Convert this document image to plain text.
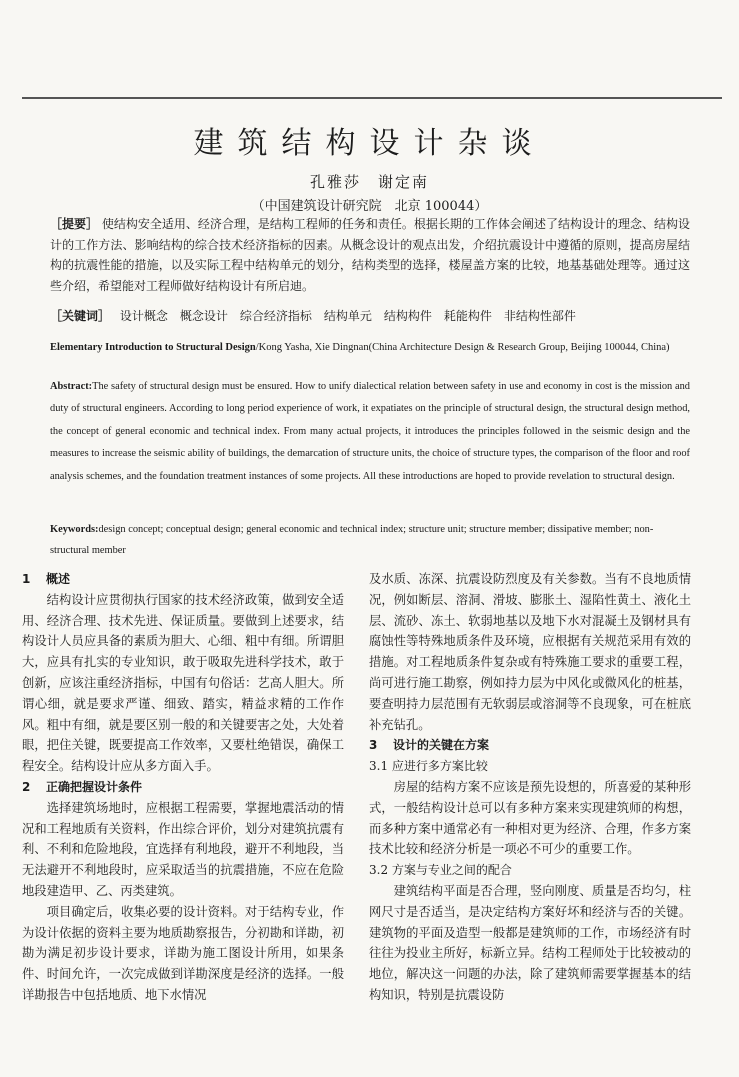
建筑结构设计杂谈
孔雅莎　谢定南
（中国建筑设计研究院　北京 100044）
［提要］ 使结构安全适用、经济合理，是结构工程师的任务和责任。根据长期的工作体会阐述了结构设计的理念、结构设计的工作方法、影响结构的综合技术经济指标的因素。从概念设计的观点出发，介绍抗震设计中遵循的原则，提高房屋结构的抗震性能的措施，以及实际工程中结构单元的划分，结构类型的选择，楼屋盖方案的比较，地基基础处理等。通过这些介绍，希望能对工程师做好结构设计有所启迪。
［关键词］ 设计概念　概念设计　综合经济指标　结构单元　结构构件　耗能构件　非结构性部件
Elementary Introduction to Structural Design/Kong Yasha, Xie Dingnan(China Architecture Design & Research Group, Beijing 100044, China)
Abstract:The safety of structural design must be ensured. How to unify dialectical relation between safety in use and economy in cost is the mission and duty of structural engineers. According to long period experience of work, it expatiates on the principle of structural design, the structural design method, the concept of general economic and technical index. From many actual projects, it introduces the principles followed in the seismic design and the measures to increase the seismic ability of buildings, the demarcation of structure units, the choice of structure types, the comparison of the floor and roof analysis schemes, and the foundation treatment instances of some projects. All these introductions are hoped to provide revelation to structural design.
Keywords:design concept; conceptual design; general economic and technical index; structure unit; structure member; dissipative member; non-structural member

1 概述

结构设计应贯彻执行国家的技术经济政策，做到安全适用、经济合理、技术先进、保证质量。要做到上述要求，结构设计人员应具备的素质为胆大、心细、粗中有细。所谓胆大，应具有扎实的专业知识，敢于吸取先进科学技术，敢于创新，应该注重经济指标，中国有句俗话：艺高人胆大。所谓心细，就是要求严谨、细致、踏实，精益求精的工作作风。粗中有细，就是要区别一般的和关键要害之处，大处着眼，把住关键，既要提高工作效率，又要杜绝错误，确保工程安全。结构设计应从多方面入手。

2 正确把握设计条件

选择建筑场地时，应根据工程需要，掌握地震活动的情况和工程地质有关资料，作出综合评价，划分对建筑抗震有利、不利和危险地段，宜选择有利地段，避开不利地段，当无法避开不利地段时，应采取适当的抗震措施，不应在危险地段建造甲、乙、丙类建筑。

项目确定后，收集必要的设计资料。对于结构专业，作为设计依据的资料主要为地质勘察报告，分初勘和详勘，初勘为满足初步设计要求，详勘为施工图设计所用，如果条件、时间允许，一次完成做到详勘深度是经济的选择。一般详勘报告中包括地质、地下水情况

及水质、冻深、抗震设防烈度及有关参数。当有不良地质情况，例如断层、溶洞、滑坡、膨胀土、湿陷性黄土、液化土层、流砂、冻土、软弱地基以及地下水对混凝土及钢材具有腐蚀性等特殊地质条件及环境，应根据有关规范采用有效的措施。对工程地质条件复杂或有特殊施工要求的重要工程，尚可进行施工勘察，例如持力层为中风化或微风化的桩基，要查明持力层范围有无软弱层或溶洞等不良现象，可在桩底补充钻孔。

3 设计的关键在方案

3.1 应进行多方案比较

房屋的结构方案不应该是预先设想的，所喜爱的某种形式，一般结构设计总可以有多种方案来实现建筑师的构想，而多种方案中通常必有一种相对更为经济、合理，作多方案技术比较和经济分析是一项必不可少的重要工作。

3.2 方案与专业之间的配合

建筑结构平面是否合理，竖向刚度、质量是否均匀，柱网尺寸是否适当，是决定结构方案好坏和经济与否的关键。建筑物的平面及造型一般都是建筑师的工作，市场经济有时往往为投业主所好，标新立异。结构工程师处于比较被动的地位，解决这一问题的办法，除了建筑师需要掌握基本的结构知识，特别是抗震设防
